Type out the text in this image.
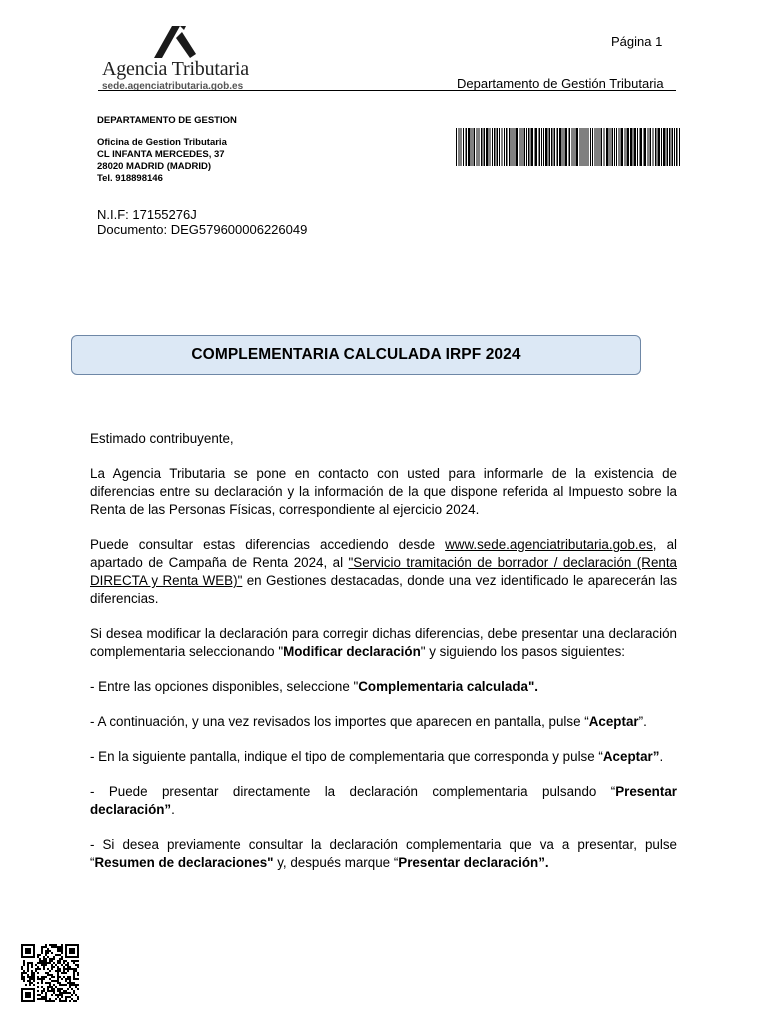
Agencia Tributaria
sede.agenciatributaria.gob.es
Página 1
Departamento de Gestión Tributaria
DEPARTAMENTO DE GESTION
Oficina de Gestion Tributaria
CL INFANTA MERCEDES, 37
28020 MADRID (MADRID)
Tel. 918898146
N.I.F: 17155276J
Documento: DEG579600006226049
COMPLEMENTARIA CALCULADA IRPF 2024

Estimado contribuyente,

La Agencia Tributaria se pone en contacto con usted para informarle de la existencia de diferencias entre su declaración y la información de la que dispone referida al Impuesto sobre la Renta de las Personas Físicas, correspondiente al ejercicio 2024.

Puede consultar estas diferencias accediendo desde www.sede.agenciatributaria.gob.es, al apartado de Campaña de Renta 2024, al "Servicio tramitación de borrador / declaración (Renta DIRECTA y Renta WEB)" en Gestiones destacadas, donde una vez identificado le aparecerán las diferencias.

Si desea modificar la declaración para corregir dichas diferencias, debe presentar una declaración complementaria seleccionando "Modificar declaración" y siguiendo los pasos siguientes:

- Entre las opciones disponibles, seleccione "Complementaria calculada".

- A continuación, y una vez revisados los importes que aparecen en pantalla, pulse “Aceptar”.

- En la siguiente pantalla, indique el tipo de complementaria que corresponda y pulse “Aceptar”.

- Puede presentar directamente la declaración complementaria pulsando “Presentar declaración”.

- Si desea previamente consultar la declaración complementaria que va a presentar, pulse “Resumen de declaraciones" y, después marque “Presentar declaración”.
